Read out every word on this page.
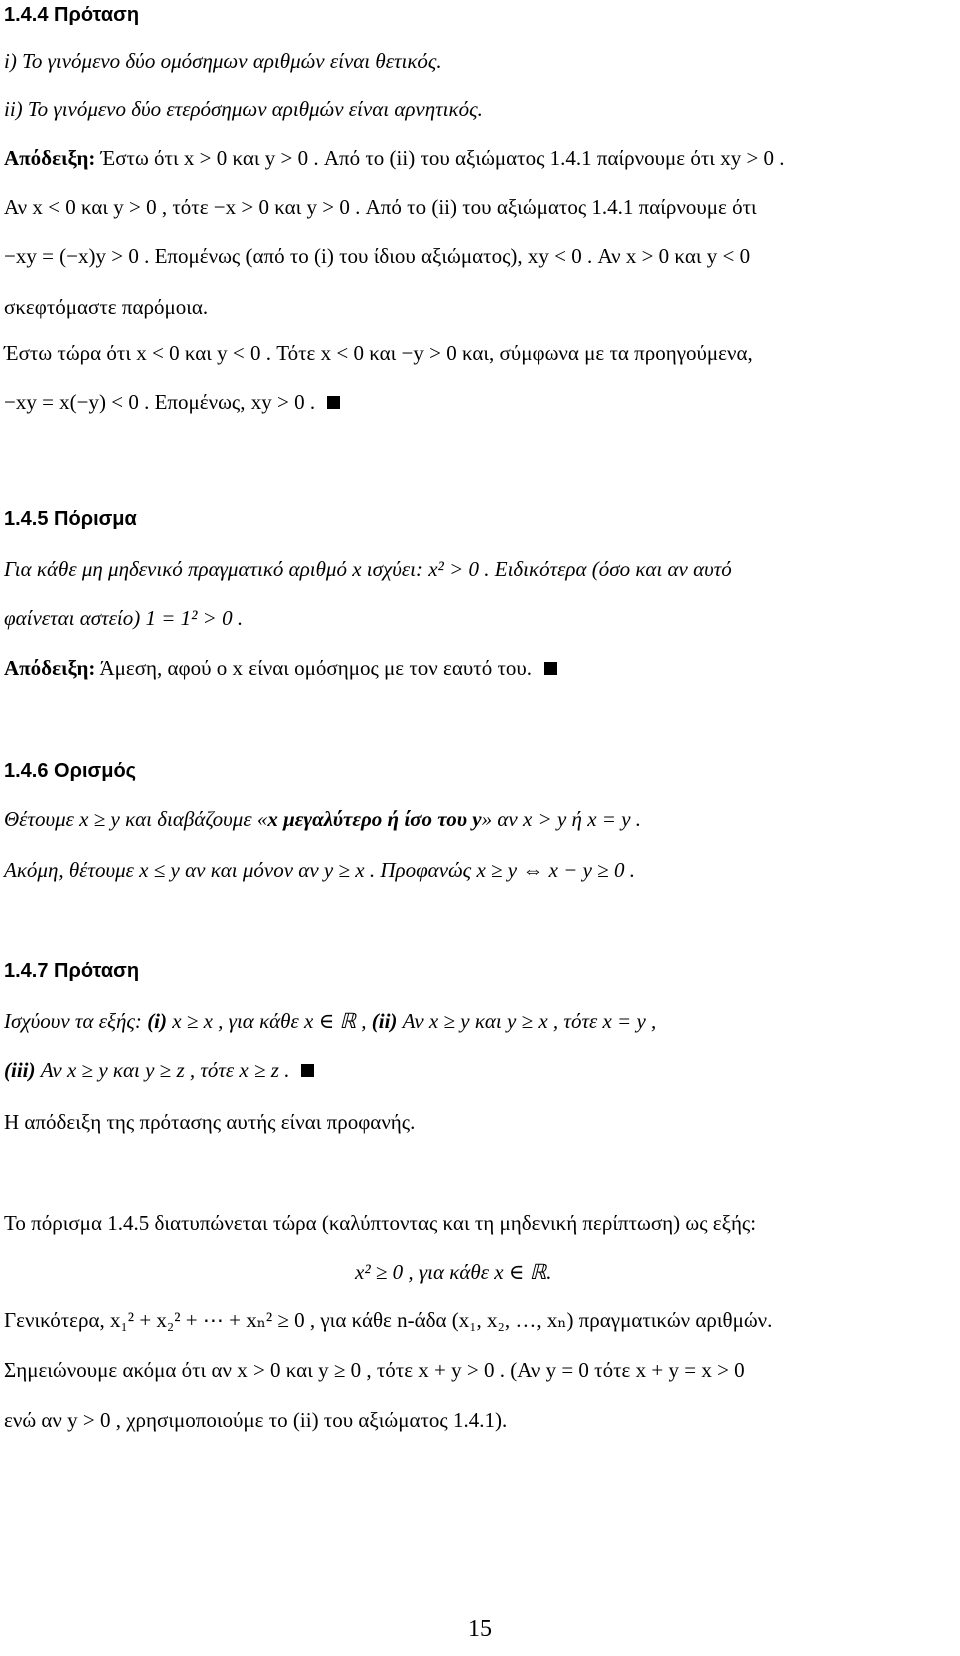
1.4.4 Πρόταση
i) Το γινόμενο δύο ομόσημων αριθμών είναι θετικός.
ii) Το γινόμενο δύο ετερόσημων αριθμών είναι αρνητικός.
Απόδειξη: Έστω ότι x > 0 και y > 0 . Από το (ii) του αξιώματος 1.4.1 παίρνουμε ότι xy > 0 .
Αν x < 0 και y > 0 , τότε −x > 0 και y > 0 . Από το (ii) του αξιώματος 1.4.1 παίρνουμε ότι
−xy = (−x)y > 0 . Επομένως (από το (i) του ίδιου αξιώματος), xy < 0 . Αν x > 0 και y < 0
σκεφτόμαστε παρόμοια.
Έστω τώρα ότι x < 0 και y < 0 . Τότε x < 0 και −y > 0 και, σύμφωνα με τα προηγούμενα,
−xy = x(−y) < 0 . Επομένως, xy > 0 .
1.4.5 Πόρισμα
Για κάθε μη μηδενικό πραγματικό αριθμό x ισχύει: x² > 0 . Ειδικότερα (όσο και αν αυτό
φαίνεται αστείο) 1 = 1² > 0 .
Απόδειξη: Άμεση, αφού ο x είναι ομόσημος με τον εαυτό του.
1.4.6 Ορισμός
Θέτουμε x ≥ y και διαβάζουμε «x μεγαλύτερο ή ίσο του y» αν x > y ή x = y .
Ακόμη, θέτουμε x ≤ y αν και μόνον αν y ≥ x . Προφανώς x ≥ y ⇔ x − y ≥ 0 .
1.4.7 Πρόταση
Ισχύουν τα εξής: (i) x ≥ x , για κάθε x ∈ ℝ , (ii) Αν x ≥ y και y ≥ x , τότε x = y ,
(iii) Αν x ≥ y και y ≥ z , τότε x ≥ z .
Η απόδειξη της πρότασης αυτής είναι προφανής.
Το πόρισμα 1.4.5 διατυπώνεται τώρα (καλύπτοντας και τη μηδενική περίπτωση) ως εξής:
x² ≥ 0 , για κάθε x ∈ ℝ.
Γενικότερα, x₁² + x₂² + ⋯ + xₙ² ≥ 0 , για κάθε n-άδα (x₁, x₂, …, xₙ) πραγματικών αριθμών.
Σημειώνουμε ακόμα ότι αν x > 0 και y ≥ 0 , τότε x + y > 0 . (Αν y = 0 τότε x + y = x > 0
ενώ αν y > 0 , χρησιμοποιούμε το (ii) του αξιώματος 1.4.1).
15
